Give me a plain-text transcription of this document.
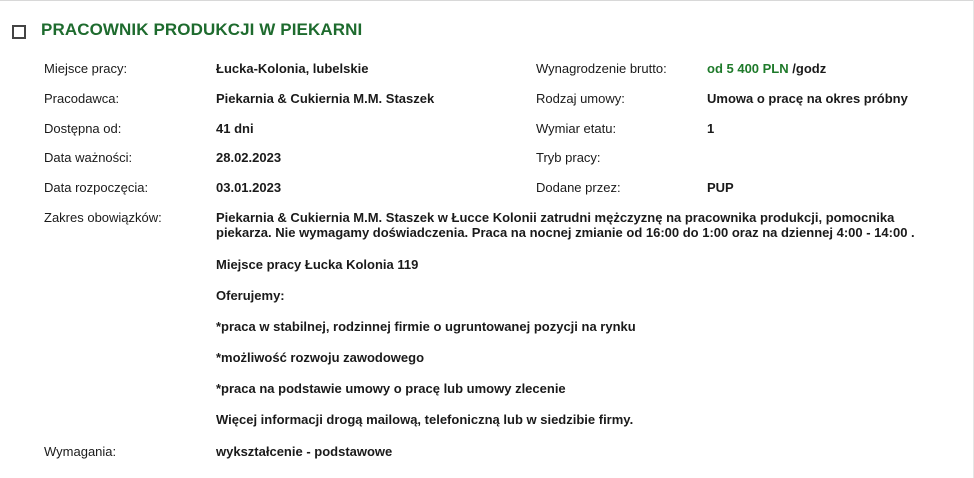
PRACOWNIK PRODUKCJI W PIEKARNI
Miejsce pracy:	Łucka-Kolonia, lubelskie
Pracodawca:	Piekarnia & Cukiernia M.M. Staszek
Dostępna od:	41 dni
Data ważności:	28.02.2023
Data rozpoczęcia:	03.01.2023
Wynagrodzenie brutto:	od 5 400 PLN /godz
Rodzaj umowy:	Umowa o pracę na okres próbny
Wymiar etatu:	1
Tryb pracy:
Dodane przez:	PUP
Zakres obowiązków:	Piekarnia & Cukiernia M.M. Staszek w Łucce Kolonii zatrudni mężczyznę na pracownika produkcji, pomocnika piekarza. Nie wymagamy doświadczenia. Praca na nocnej zmianie od 16:00 do 1:00 oraz na dziennej 4:00 - 14:00 .

Miejsce pracy Łucka Kolonia 119

Oferujemy:

*praca w stabilnej, rodzinnej firmie o ugruntowanej pozycji na rynku

*możliwość rozwoju zawodowego

*praca na podstawie umowy o pracę lub umowy zlecenie

Więcej informacji drogą mailową, telefoniczną lub w siedzibie firmy.

Wymagania:	wykształcenie - podstawowe
